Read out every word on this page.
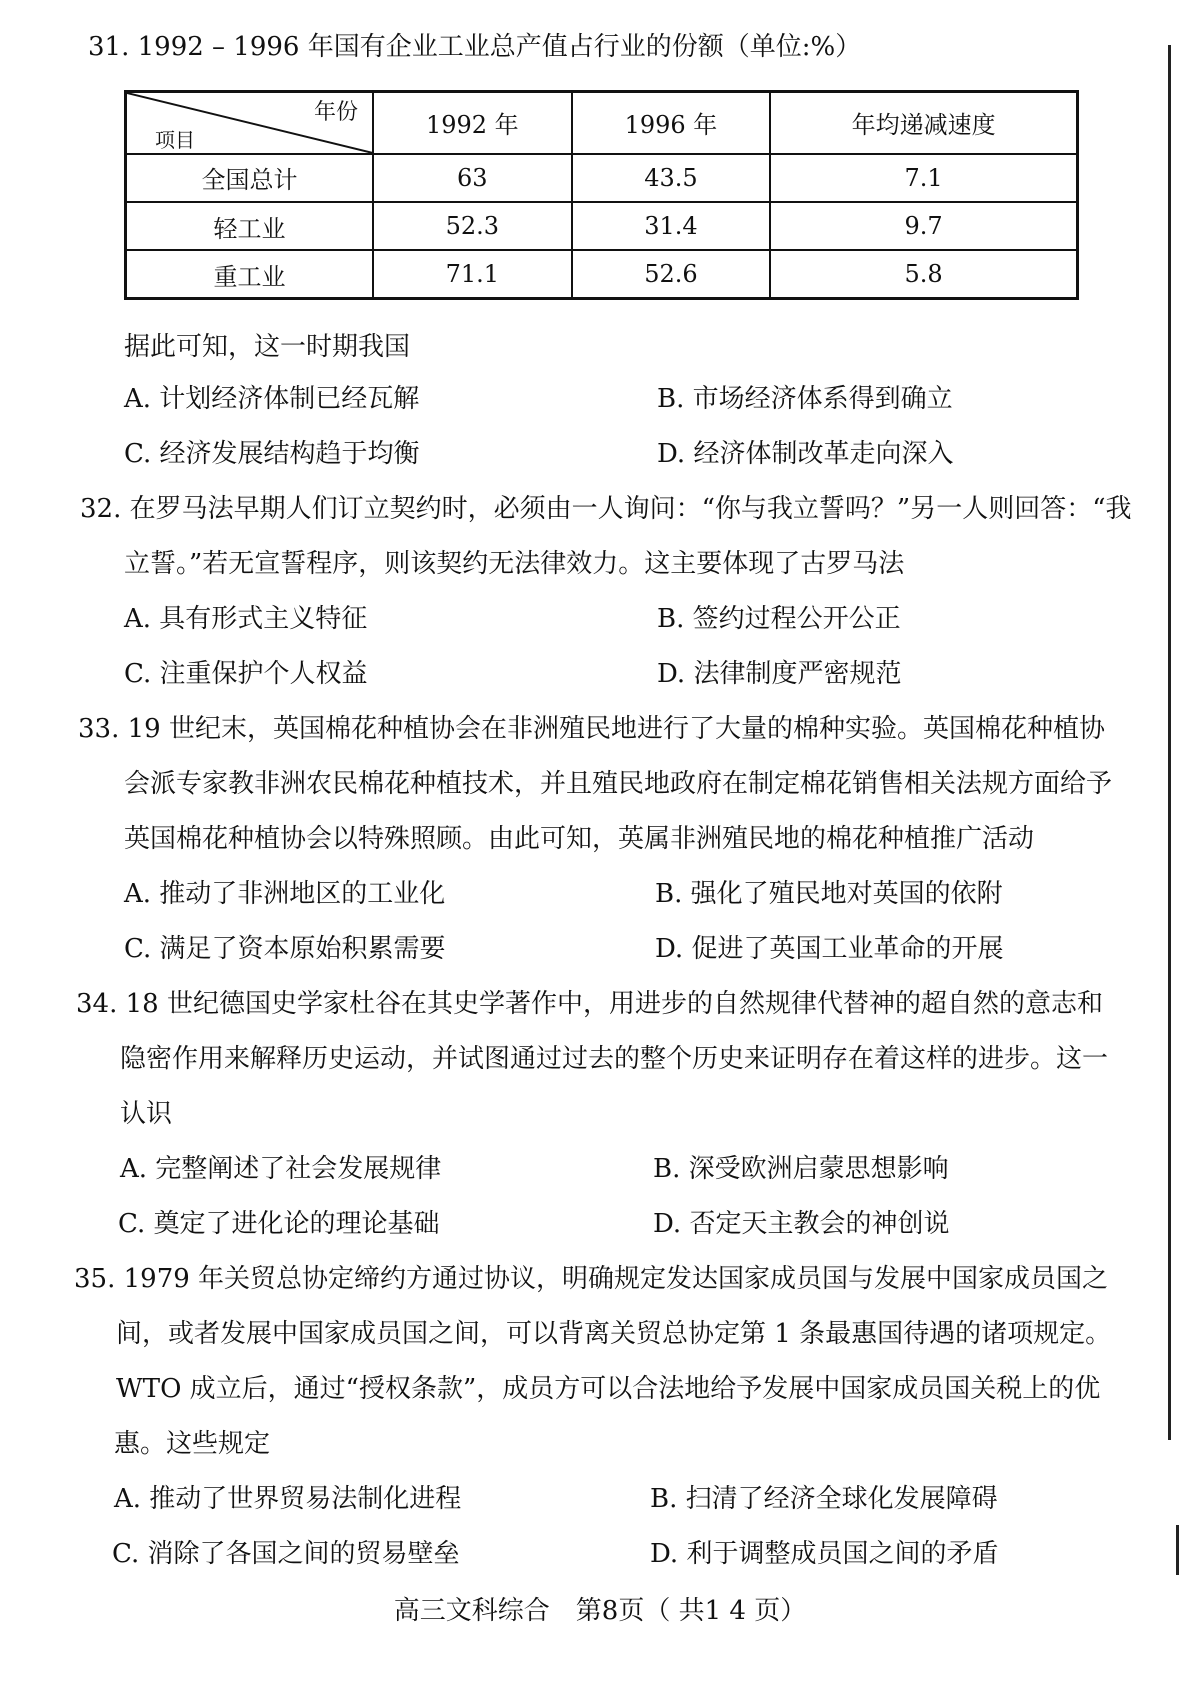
31. 1992 – 1996 年国有企业工业总产值占行业的份额（单位:%）
年份
项目	1992 年	1996 年	年均递减速度
全国总计	63	43.5	7.1
轻工业	52.3	31.4	9.7
重工业	71.1	52.6	5.8
据此可知，这一时期我国
A. 计划经济体制已经瓦解	B. 市场经济体系得到确立
C. 经济发展结构趋于均衡	D. 经济体制改革走向深入
32. 在罗马法早期人们订立契约时，必须由一人询问：“你与我立誓吗？”另一人则回答：“我
立誓。”若无宣誓程序，则该契约无法律效力。这主要体现了古罗马法
A. 具有形式主义特征	B. 签约过程公开公正
C. 注重保护个人权益	D. 法律制度严密规范
33. 19 世纪末，英国棉花种植协会在非洲殖民地进行了大量的棉种实验。英国棉花种植协
会派专家教非洲农民棉花种植技术，并且殖民地政府在制定棉花销售相关法规方面给予
英国棉花种植协会以特殊照顾。由此可知，英属非洲殖民地的棉花种植推广活动
A. 推动了非洲地区的工业化	B. 强化了殖民地对英国的依附
C. 满足了资本原始积累需要	D. 促进了英国工业革命的开展
34. 18 世纪德国史学家杜谷在其史学著作中，用进步的自然规律代替神的超自然的意志和
隐密作用来解释历史运动，并试图通过过去的整个历史来证明存在着这样的进步。这一
认识
A. 完整阐述了社会发展规律	B. 深受欧洲启蒙思想影响
C. 奠定了进化论的理论基础	D. 否定天主教会的神创说
35. 1979 年关贸总协定缔约方通过协议，明确规定发达国家成员国与发展中国家成员国之
间，或者发展中国家成员国之间，可以背离关贸总协定第 1 条最惠国待遇的诸项规定。
WTO 成立后，通过“授权条款”，成员方可以合法地给予发展中国家成员国关税上的优
惠。这些规定
A. 推动了世界贸易法制化进程	B. 扫清了经济全球化发展障碍
C. 消除了各国之间的贸易壁垒	D. 利于调整成员国之间的矛盾
高三文科综合　第8页（ 共1 4 页）
